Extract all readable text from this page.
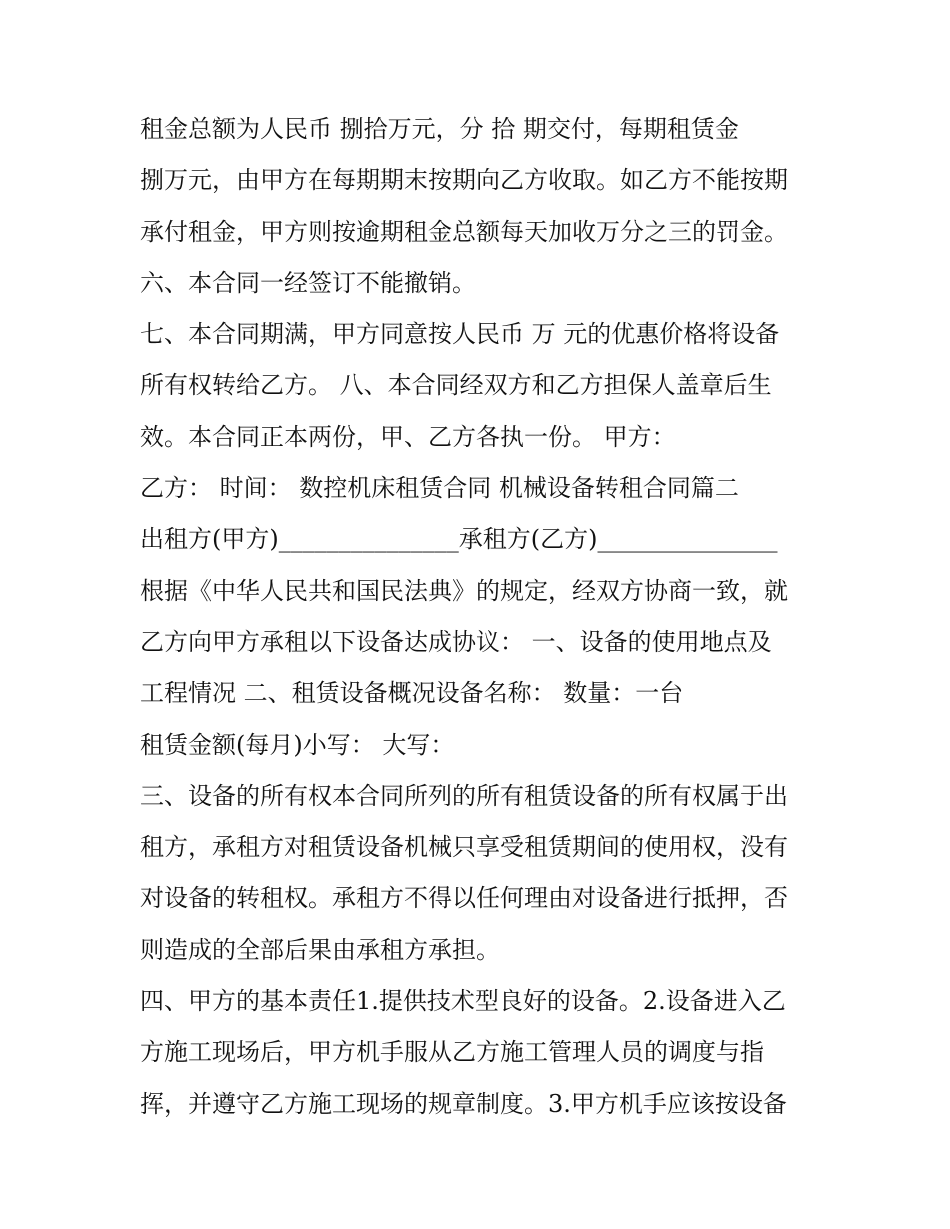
租金总额为人民币 捌拾万元，分 拾 期交付，每期租赁金
捌万元，由甲方在每期期末按期向乙方收取。如乙方不能按期
承付租金，甲方则按逾期租金总额每天加收万分之三的罚金。
六、本合同一经签订不能撤销。
七、本合同期满，甲方同意按人民币 万 元的优惠价格将设备
所有权转给乙方。 八、本合同经双方和乙方担保人盖章后生
效。本合同正本两份，甲、乙方各执一份。 甲方：
乙方： 时间： 数控机床租赁合同 机械设备转租合同篇二
出租方(甲方)_______________承租方(乙方)_______________
根据《中华人民共和国民法典》的规定，经双方协商一致，就
乙方向甲方承租以下设备达成协议： 一、设备的使用地点及
工程情况 二、租赁设备概况设备名称： 数量：一台
租赁金额(每月)小写： 大写：
三、设备的所有权本合同所列的所有租赁设备的所有权属于出
租方，承租方对租赁设备机械只享受租赁期间的使用权，没有
对设备的转租权。承租方不得以任何理由对设备进行抵押，否
则造成的全部后果由承租方承担。
四、甲方的基本责任1.提供技术型良好的设备。2.设备进入乙
方施工现场后，甲方机手服从乙方施工管理人员的调度与指
挥，并遵守乙方施工现场的规章制度。3.甲方机手应该按设备
